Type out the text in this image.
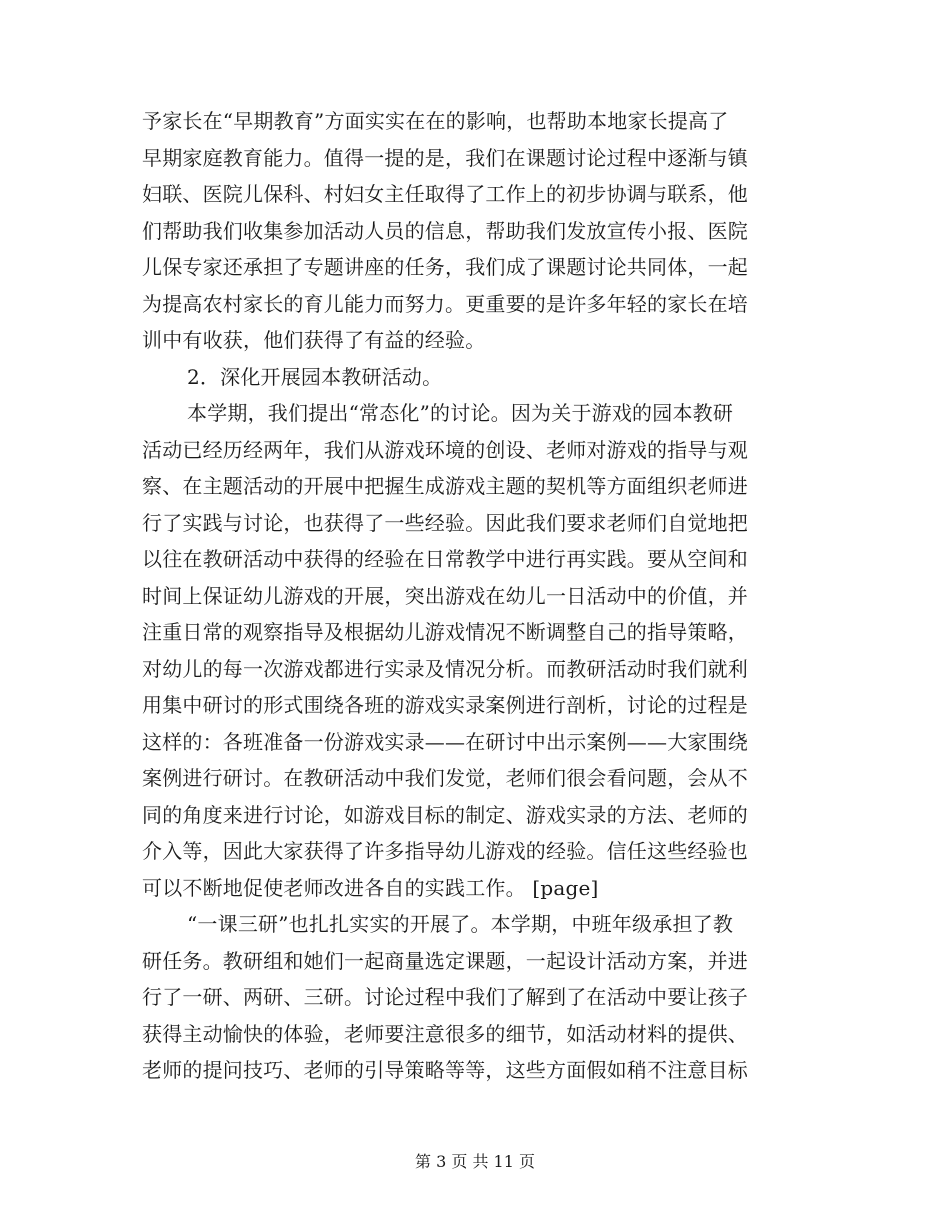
予家长在“早期教育”方面实实在在的影响，也帮助本地家长提高了
早期家庭教育能力。值得一提的是，我们在课题讨论过程中逐渐与镇
妇联、医院儿保科、村妇女主任取得了工作上的初步协调与联系，他
们帮助我们收集参加活动人员的信息，帮助我们发放宣传小报、医院
儿保专家还承担了专题讲座的任务，我们成了课题讨论共同体，一起
为提高农村家长的育儿能力而努力。更重要的是许多年轻的家长在培
训中有收获，他们获得了有益的经验。
2．深化开展园本教研活动。
本学期，我们提出“常态化”的讨论。因为关于游戏的园本教研
活动已经历经两年，我们从游戏环境的创设、老师对游戏的指导与观
察、在主题活动的开展中把握生成游戏主题的契机等方面组织老师进
行了实践与讨论，也获得了一些经验。因此我们要求老师们自觉地把
以往在教研活动中获得的经验在日常教学中进行再实践。要从空间和
时间上保证幼儿游戏的开展，突出游戏在幼儿一日活动中的价值，并
注重日常的观察指导及根据幼儿游戏情况不断调整自己的指导策略，
对幼儿的每一次游戏都进行实录及情况分析。而教研活动时我们就利
用集中研讨的形式围绕各班的游戏实录案例进行剖析，讨论的过程是
这样的：各班准备一份游戏实录——在研讨中出示案例——大家围绕
案例进行研讨。在教研活动中我们发觉，老师们很会看问题，会从不
同的角度来进行讨论，如游戏目标的制定、游戏实录的方法、老师的
介入等，因此大家获得了许多指导幼儿游戏的经验。信任这些经验也
可以不断地促使老师改进各自的实践工作。 [page]
“一课三研”也扎扎实实的开展了。本学期，中班年级承担了教
研任务。教研组和她们一起商量选定课题，一起设计活动方案，并进
行了一研、两研、三研。讨论过程中我们了解到了在活动中要让孩子
获得主动愉快的体验，老师要注意很多的细节，如活动材料的提供、
老师的提问技巧、老师的引导策略等等，这些方面假如稍不注意目标
第 3 页 共 11 页
